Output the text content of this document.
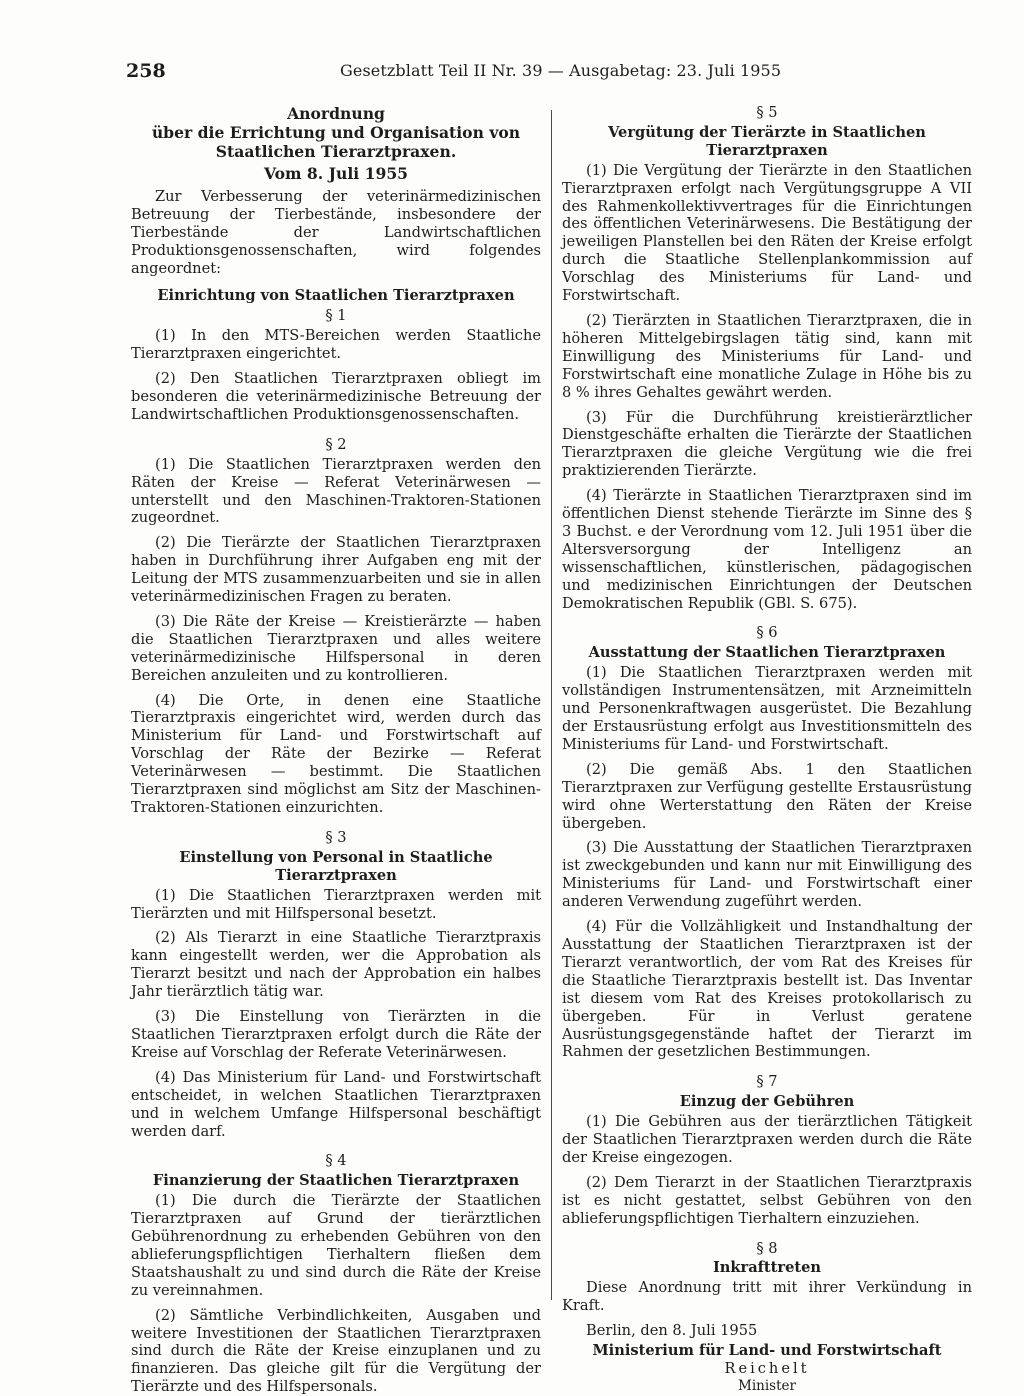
258	Gesetzblatt Teil II Nr. 39 — Ausgabetag: 23. Juli 1955
Anordnung
über die Errichtung und Organisation von
Staatlichen Tierarztpraxen.
Vom 8. Juli 1955

Zur Verbesserung der veterinärmedizinischen Betreuung der Tierbestände, insbesondere der Tierbestände der Landwirtschaftlichen Produktionsgenossenschaften, wird folgendes angeordnet:

Einrichtung von Staatlichen Tierarztpraxen
§ 1

(1) In den MTS-Bereichen werden Staatliche Tierarztpraxen eingerichtet.

(2) Den Staatlichen Tierarztpraxen obliegt im besonderen die veterinärmedizinische Betreuung der Landwirtschaftlichen Produktionsgenossenschaften.

§ 2

(1) Die Staatlichen Tierarztpraxen werden den Räten der Kreise — Referat Veterinärwesen — unterstellt und den Maschinen-Traktoren-Stationen zugeordnet.

(2) Die Tierärzte der Staatlichen Tierarztpraxen haben in Durchführung ihrer Aufgaben eng mit der Leitung der MTS zusammenzuarbeiten und sie in allen veterinärmedizinischen Fragen zu beraten.

(3) Die Räte der Kreise — Kreistierärzte — haben die Staatlichen Tierarztpraxen und alles weitere veterinärmedizinische Hilfspersonal in deren Bereichen anzuleiten und zu kontrollieren.

(4) Die Orte, in denen eine Staatliche Tierarztpraxis eingerichtet wird, werden durch das Ministerium für Land- und Forstwirtschaft auf Vorschlag der Räte der Bezirke — Referat Veterinärwesen — bestimmt. Die Staatlichen Tierarztpraxen sind möglichst am Sitz der Maschinen-Traktoren-Stationen einzurichten.

§ 3
Einstellung von Personal in Staatliche Tierarztpraxen

(1) Die Staatlichen Tierarztpraxen werden mit Tierärzten und mit Hilfspersonal besetzt.

(2) Als Tierarzt in eine Staatliche Tierarztpraxis kann eingestellt werden, wer die Approbation als Tierarzt besitzt und nach der Approbation ein halbes Jahr tierärztlich tätig war.

(3) Die Einstellung von Tierärzten in die Staatlichen Tierarztpraxen erfolgt durch die Räte der Kreise auf Vorschlag der Referate Veterinärwesen.

(4) Das Ministerium für Land- und Forstwirtschaft entscheidet, in welchen Staatlichen Tierarztpraxen und in welchem Umfange Hilfspersonal beschäftigt werden darf.

§ 4
Finanzierung der Staatlichen Tierarztpraxen

(1) Die durch die Tierärzte der Staatlichen Tierarztpraxen auf Grund der tierärztlichen Gebührenordnung zu erhebenden Gebühren von den ablieferungspflichtigen Tierhaltern fließen dem Staatshaushalt zu und sind durch die Räte der Kreise zu vereinnahmen.

(2) Sämtliche Verbindlichkeiten, Ausgaben und weitere Investitionen der Staatlichen Tierarztpraxen sind durch die Räte der Kreise einzuplanen und zu finanzieren. Das gleiche gilt für die Vergütung der Tierärzte und des Hilfspersonals.

§ 5
Vergütung der Tierärzte in Staatlichen Tierarztpraxen

(1) Die Vergütung der Tierärzte in den Staatlichen Tierarztpraxen erfolgt nach Vergütungsgruppe A VII des Rahmenkollektivvertrages für die Einrichtungen des öffentlichen Veterinärwesens. Die Bestätigung der jeweiligen Planstellen bei den Räten der Kreise erfolgt durch die Staatliche Stellenplankommission auf Vorschlag des Ministeriums für Land- und Forstwirtschaft.

(2) Tierärzten in Staatlichen Tierarztpraxen, die in höheren Mittelgebirgslagen tätig sind, kann mit Einwilligung des Ministeriums für Land- und Forstwirtschaft eine monatliche Zulage in Höhe bis zu 8 % ihres Gehaltes gewährt werden.

(3) Für die Durchführung kreistierärztlicher Dienstgeschäfte erhalten die Tierärzte der Staatlichen Tierarztpraxen die gleiche Vergütung wie die frei praktizierenden Tierärzte.

(4) Tierärzte in Staatlichen Tierarztpraxen sind im öffentlichen Dienst stehende Tierärzte im Sinne des § 3 Buchst. e der Verordnung vom 12. Juli 1951 über die Altersversorgung der Intelligenz an wissenschaftlichen, künstlerischen, pädagogischen und medizinischen Einrichtungen der Deutschen Demokratischen Republik (GBl. S. 675).

§ 6
Ausstattung der Staatlichen Tierarztpraxen

(1) Die Staatlichen Tierarztpraxen werden mit vollständigen Instrumentensätzen, mit Arzneimitteln und Personenkraftwagen ausgerüstet. Die Bezahlung der Erstausrüstung erfolgt aus Investitionsmitteln des Ministeriums für Land- und Forstwirtschaft.

(2) Die gemäß Abs. 1 den Staatlichen Tierarztpraxen zur Verfügung gestellte Erstausrüstung wird ohne Werterstattung den Räten der Kreise übergeben.

(3) Die Ausstattung der Staatlichen Tierarztpraxen ist zweckgebunden und kann nur mit Einwilligung des Ministeriums für Land- und Forstwirtschaft einer anderen Verwendung zugeführt werden.

(4) Für die Vollzähligkeit und Instandhaltung der Ausstattung der Staatlichen Tierarztpraxen ist der Tierarzt verantwortlich, der vom Rat des Kreises für die Staatliche Tierarztpraxis bestellt ist. Das Inventar ist diesem vom Rat des Kreises protokollarisch zu übergeben. Für in Verlust geratene Ausrüstungsgegenstände haftet der Tierarzt im Rahmen der gesetzlichen Bestimmungen.

§ 7
Einzug der Gebühren

(1) Die Gebühren aus der tierärztlichen Tätigkeit der Staatlichen Tierarztpraxen werden durch die Räte der Kreise eingezogen.

(2) Dem Tierarzt in der Staatlichen Tierarztpraxis ist es nicht gestattet, selbst Gebühren von den ablieferungspflichtigen Tierhaltern einzuziehen.

§ 8
Inkrafttreten

Diese Anordnung tritt mit ihrer Verkündung in Kraft.

Berlin, den 8. Juli 1955
Ministerium für Land- und Forstwirtschaft
Reichelt
Minister
